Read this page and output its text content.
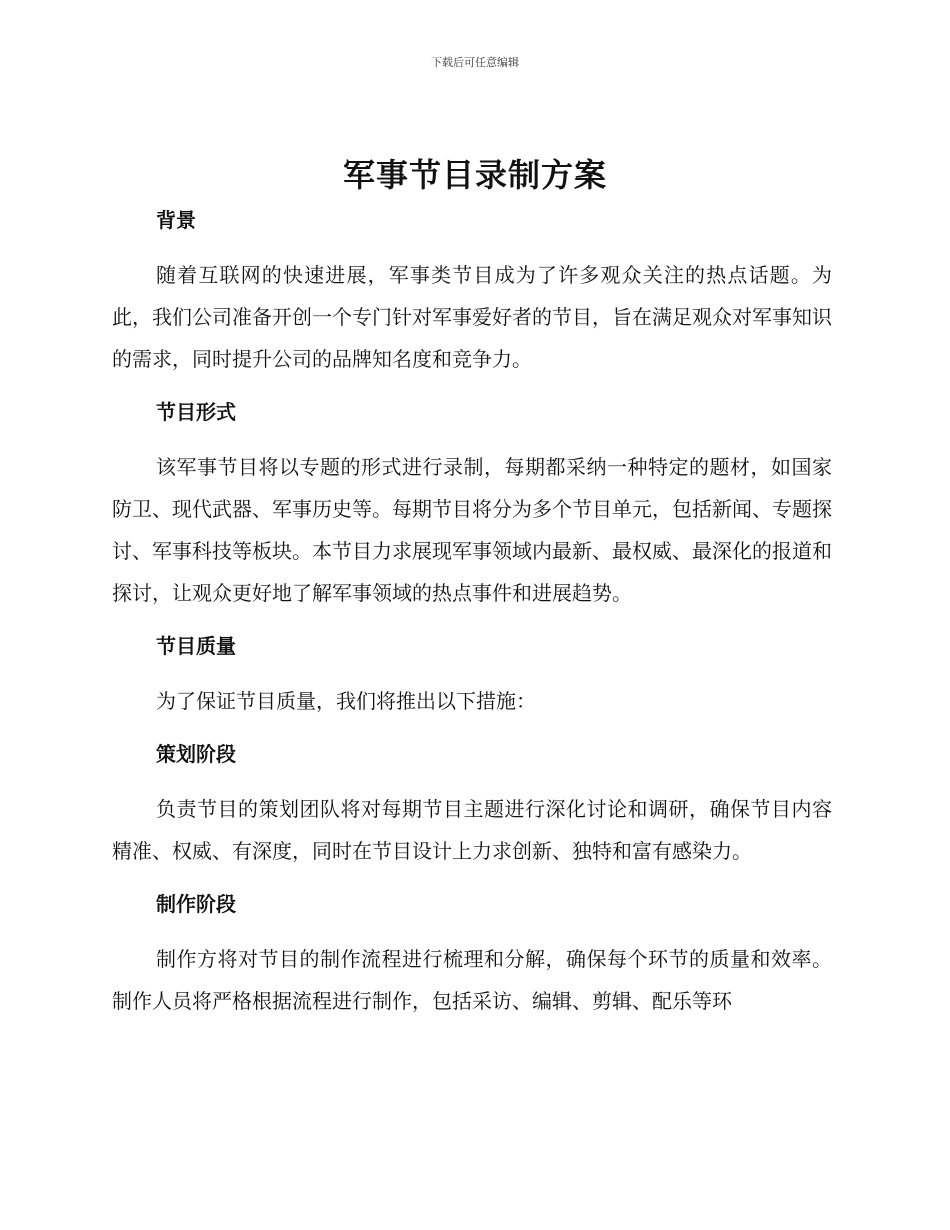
下载后可任意编辑
军事节目录制方案
背景

随着互联网的快速进展，军事类节目成为了许多观众关注的热点话题。为此，我们公司准备开创一个专门针对军事爱好者的节目，旨在满足观众对军事知识的需求，同时提升公司的品牌知名度和竞争力。

节目形式

该军事节目将以专题的形式进行录制，每期都采纳一种特定的题材，如国家防卫、现代武器、军事历史等。每期节目将分为多个节目单元，包括新闻、专题探讨、军事科技等板块。本节目力求展现军事领域内最新、最权威、最深化的报道和探讨，让观众更好地了解军事领域的热点事件和进展趋势。

节目质量

为了保证节目质量，我们将推出以下措施：

策划阶段

负责节目的策划团队将对每期节目主题进行深化讨论和调研，确保节目内容精准、权威、有深度，同时在节目设计上力求创新、独特和富有感染力。

制作阶段

制作方将对节目的制作流程进行梳理和分解，确保每个环节的质量和效率。制作人员将严格根据流程进行制作，包括采访、编辑、剪辑、配乐等环
